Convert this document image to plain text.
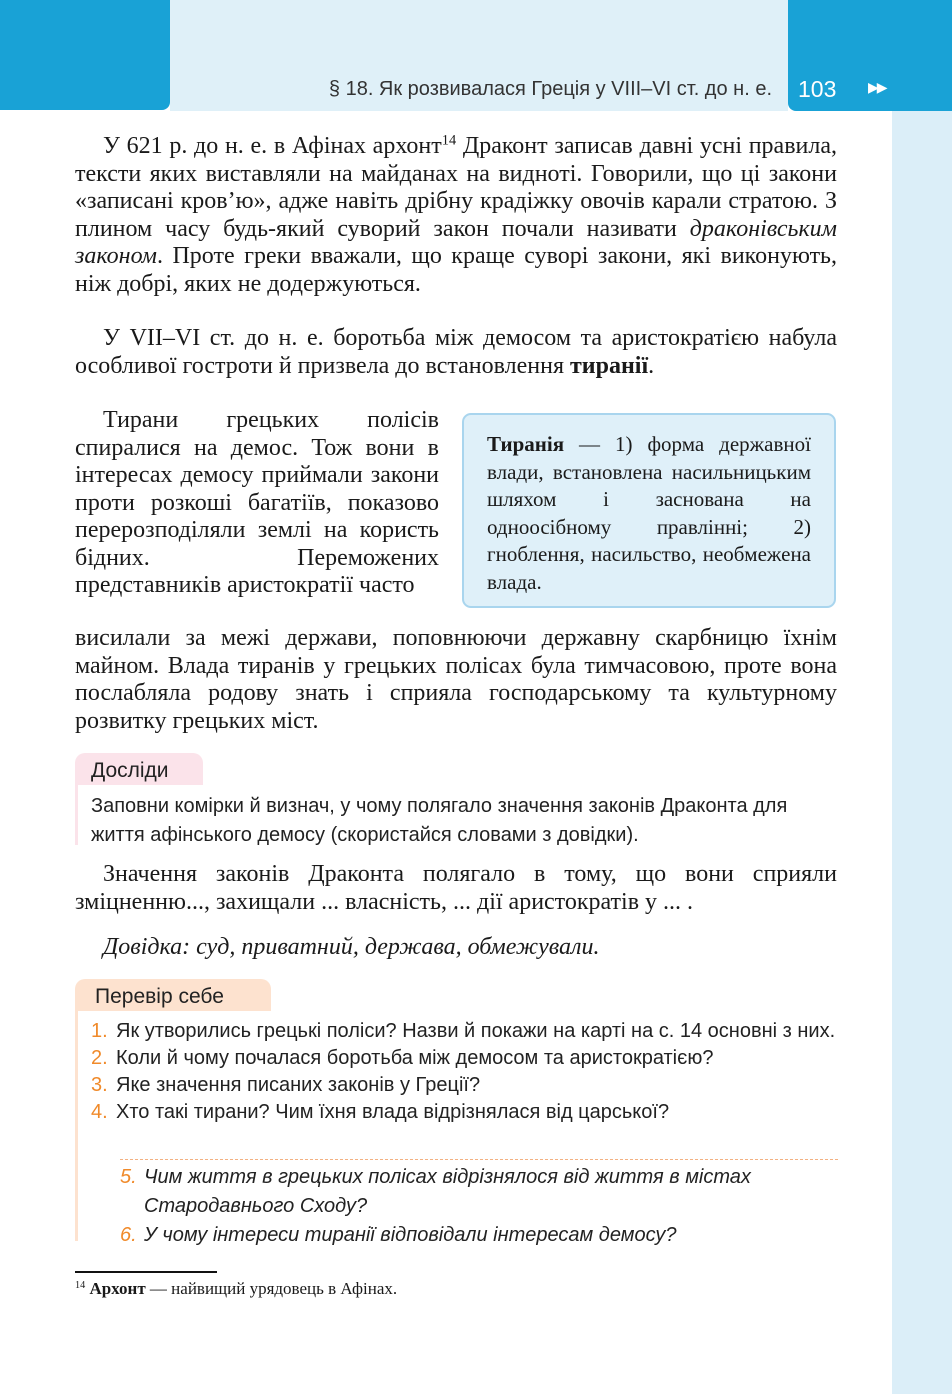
§ 18. Як розвивалася Греція у VIII–VI ст. до н. е. 103 ▶▶

У 621 р. до н. е. в Афінах архонт$^{14}$ Драконт записав давні усні правила, тексти яких виставляли на майданах на видноті. Говорили, що ці закони «записані кров’ю», адже навіть дрібну крадіжку овочів карали стратою. З плином часу будь-який суворий закон почали називати драконівським законом. Проте греки вважали, що краще суворі закони, які виконують, ніж добрі, яких не додержуються.

У VII–VI ст. до н. е. боротьба між демосом та аристократією набула особливої гостроти й призвела до встановлення тиранії.

Тирани грецьких полісів спиралися на демос. Тож вони в інтересах демосу приймали закони проти розкоші багатіїв, показово перерозподіляли землі на користь бідних. Переможених представників аристократії часто

Тиранія — 1) форма державної влади, встановлена насильницьким шляхом і заснована на одноосібному правлінні; 2) гноблення, насильство, необмежена влада.

висилали за межі держави, поповнюючи державну скарбницю їхнім майном. Влада тиранів у грецьких полісах була тимчасовою, проте вона послабляла родову знать і сприяла господарському та культурному розвитку грецьких міст.

Досліди
Заповни комірки й визнач, у чому полягало значення законів Драконта для життя афінського демосу (скористайся словами з довідки).

Значення законів Драконта полягало в тому, що вони сприяли зміцненню..., захищали ... власність, ... дії аристократів у ... .

Довідка: суд, приватний, держава, обмежували.

Перевір себе

1. Як утворились грецькі поліси? Назви й покажи на карті на с. 14 основні з них.

2. Коли й чому почалася боротьба між демосом та аристократією?

3. Яке значення писаних законів у Греції?

4. Хто такі тирани? Чим їхня влада відрізнялася від царської?

5. Чим життя в грецьких полісах відрізнялося від життя в містах Стародавнього Сходу?

6. У чому інтереси тиранії відповідали інтересам демосу?

$^{14}$ Архонт — найвищий урядовець в Афінах.
